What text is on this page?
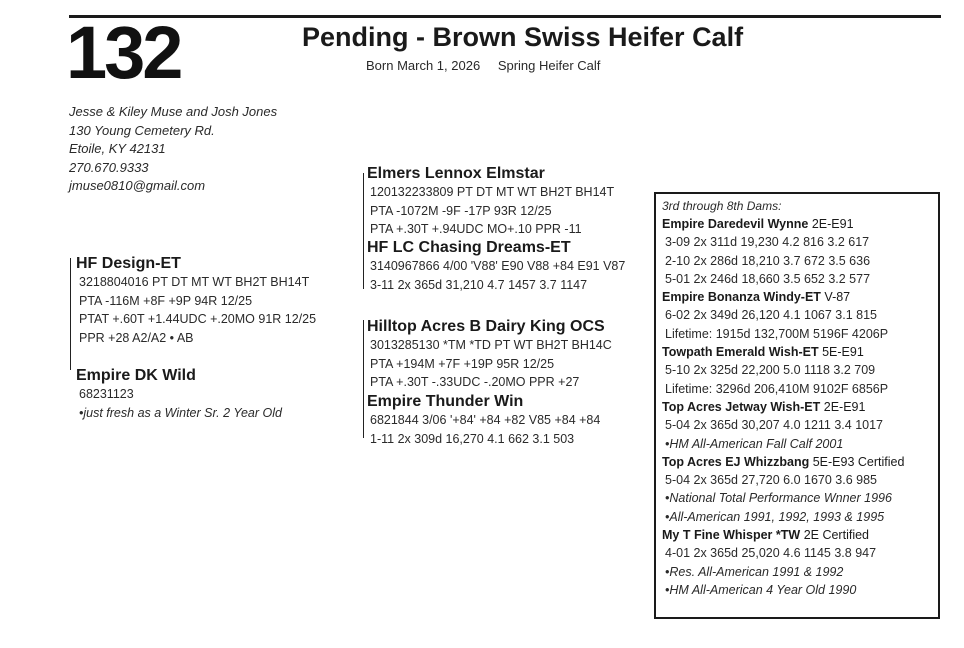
132	Pending - Brown Swiss Heifer Calf
Born March 1, 2026 Spring Heifer Calf
Jesse & Kiley Muse and Josh Jones
130 Young Cemetery Rd.
Etoile, KY 42131
270.670.9333
jmuse0810@gmail.com
HF Design-ET
3218804016 PT DT MT WT BH2T BH14T
PTA -116M +8F +9P 94R 12/25
PTAT +.60T +1.44UDC +.20MO 91R 12/25
PPR +28 A2/A2 • AB
Empire DK Wild
68231123
•just fresh as a Winter Sr. 2 Year Old
Elmers Lennox Elmstar
120132233809 PT DT MT WT BH2T BH14T
PTA -1072M -9F -17P 93R 12/25
PTA +.30T +.94UDC MO+.10 PPR -11
HF LC Chasing Dreams-ET
3140967866 4/00 'V88' E90 V88 +84 E91 V87
3-11 2x 365d 31,210 4.7 1457 3.7 1147
Hilltop Acres B Dairy King OCS
3013285130 *TM *TD PT WT BH2T BH14C
PTA +194M +7F +19P 95R 12/25
PTA +.30T -.33UDC -.20MO PPR +27
Empire Thunder Win
6821844 3/06 '+84' +84 +82 V85 +84 +84
1-11 2x 309d 16,270 4.1 662 3.1 503
3rd through 8th Dams:
Empire Daredevil Wynne 2E-E91
3-09 2x 311d 19,230 4.2 816 3.2 617
2-10 2x 286d 18,210 3.7 672 3.5 636
5-01 2x 246d 18,660 3.5 652 3.2 577
Empire Bonanza Windy-ET V-87
6-02 2x 349d 26,120 4.1 1067 3.1 815
Lifetime: 1915d 132,700M 5196F 4206P
Towpath Emerald Wish-ET 5E-E91
5-10 2x 325d 22,200 5.0 1118 3.2 709
Lifetime: 3296d 206,410M 9102F 6856P
Top Acres Jetway Wish-ET 2E-E91
5-04 2x 365d 30,207 4.0 1211 3.4 1017
•HM All-American Fall Calf 2001
Top Acres EJ Whizzbang 5E-E93 Certified
5-04 2x 365d 27,720 6.0 1670 3.6 985
•National Total Performance Wnner 1996
•All-American 1991, 1992, 1993 & 1995
My T Fine Whisper *TW 2E Certified
4-01 2x 365d 25,020 4.6 1145 3.8 947
•Res. All-American 1991 & 1992
•HM All-American 4 Year Old 1990
